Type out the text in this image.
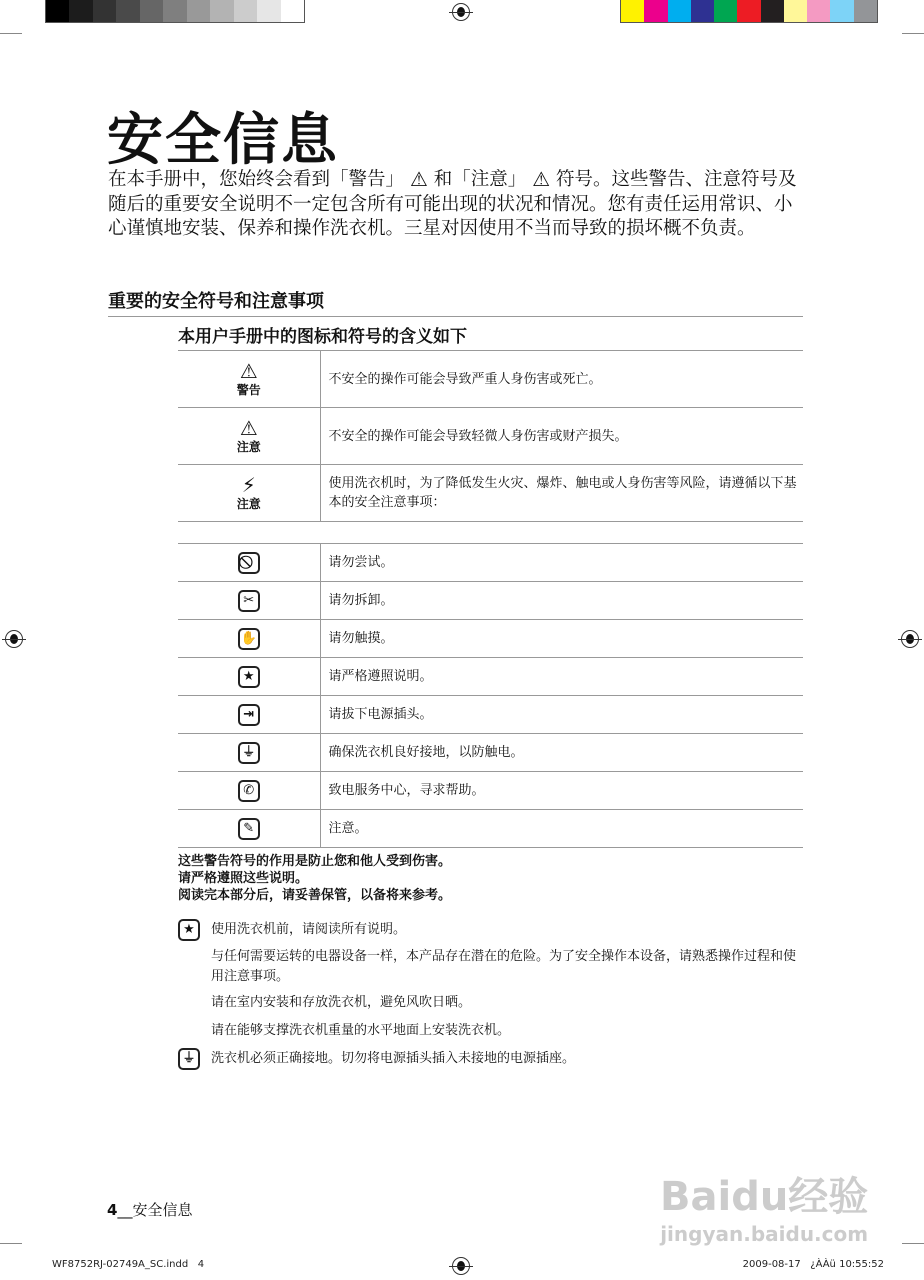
安全信息
在本手册中，您始终会看到「警告」 ⚠ 和「注意」 ⚠ 符号。这些警告、注意符号及随后的重要安全说明不一定包含所有可能出现的状况和情况。您有责任运用常识、小心谨慎地安装、保养和操作洗衣机。三星对因使用不当而导致的损坏概不负责。
重要的安全符号和注意事项
本用户手册中的图标和符号的含义如下
⚠
警告	不安全的操作可能会导致严重人身伤害或死亡。

⚠
注意	不安全的操作可能会导致轻微人身伤害或财产损失。

⚡
注意	使用洗衣机时，为了降低发生火灾、爆炸、触电或人身伤害等风险，请遵循以下基本的安全注意事项：

	请勿尝试。
✂	请勿拆卸。
✋	请勿触摸。
★	请严格遵照说明。
⇥	请拔下电源插头。
⏚	确保洗衣机良好接地，以防触电。
✆	致电服务中心，寻求帮助。
✎	注意。
这些警告符号的作用是防止您和他人受到伤害。
请严格遵照这些说明。
阅读完本部分后，请妥善保管，以备将来参考。
★	使用洗衣机前，请阅读所有说明。
与任何需要运转的电器设备一样，本产品存在潜在的危险。为了安全操作本设备，请熟悉操作过程和使用注意事项。
请在室内安装和存放洗衣机，避免风吹日晒。
请在能够支撑洗衣机重量的水平地面上安装洗衣机。
⏚	洗衣机必须正确接地。切勿将电源插头插入未接地的电源插座。
4__安全信息	Baidu经验
jingyan.baidu.com
WF8752RJ-02749A_SC.indd   4	2009-08-17   ¿ÀÀü 10:55:52
